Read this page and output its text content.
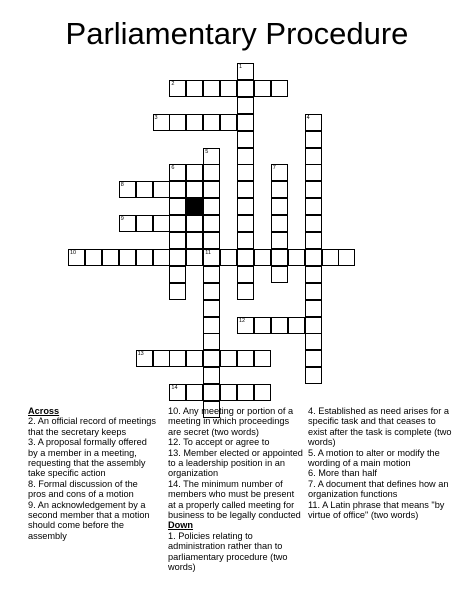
Parliamentary Procedure
1
2
3	4
5
6	7
8
9
10	11
12
13
14
Across

2. An official record of meetings that the secretary keeps

3. A proposal formally offered by a member in a meeting, requesting that the assembly take specific action

8. Formal discussion of the pros and cons of a motion

9. An acknowledgement by a second member that a motion should come before the assembly

10. Any meeting or portion of a meeting in which proceedings are secret (two words)

12. To accept or agree to

13. Member elected or appointed to a leadership position in an organization

14. The minimum number of members who must be present at a properly called meeting for business to be legally conducted

Down

1. Policies relating to administration rather than to parliamentary procedure (two words)

4. Established as need arises for a specific task and that ceases to exist after the task is complete (two words)

5. A motion to alter or modify the wording of a main motion

6. More than half

7. A document that defines how an organization functions

11. A Latin phrase that means "by virtue of office" (two words)
